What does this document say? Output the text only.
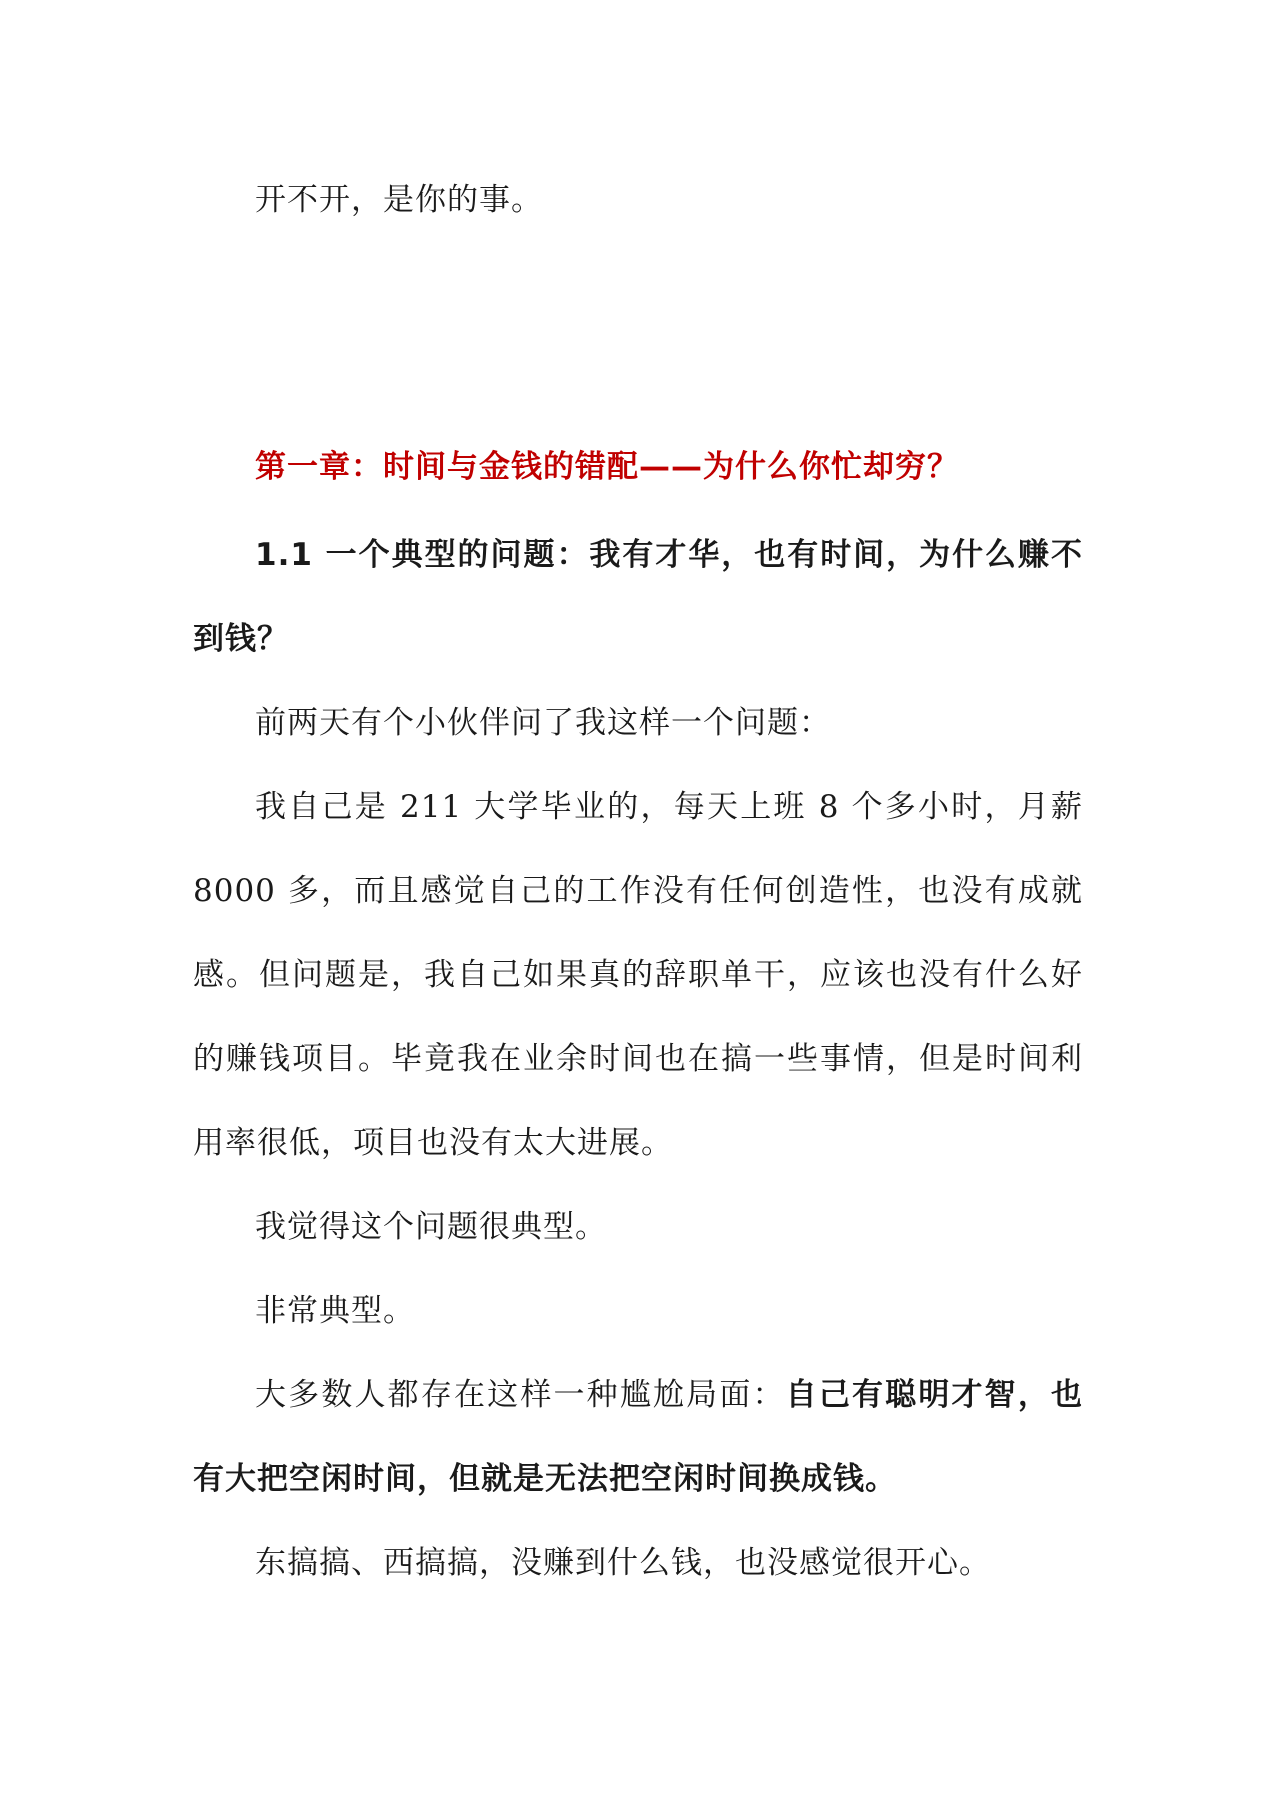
开不开，是你的事。

第一章：时间与金钱的错配——为什么你忙却穷？

1.1 一个典型的问题：我有才华，也有时间，为什么赚不到钱？

前两天有个小伙伴问了我这样一个问题：

我自己是 211 大学毕业的，每天上班 8 个多小时，月薪 8000 多，而且感觉自己的工作没有任何创造性，也没有成就感。但问题是，我自己如果真的辞职单干，应该也没有什么好的赚钱项目。毕竟我在业余时间也在搞一些事情，但是时间利用率很低，项目也没有太大进展。

我觉得这个问题很典型。

非常典型。

大多数人都存在这样一种尴尬局面：自己有聪明才智，也有大把空闲时间，但就是无法把空闲时间换成钱。

东搞搞、西搞搞，没赚到什么钱，也没感觉很开心。
